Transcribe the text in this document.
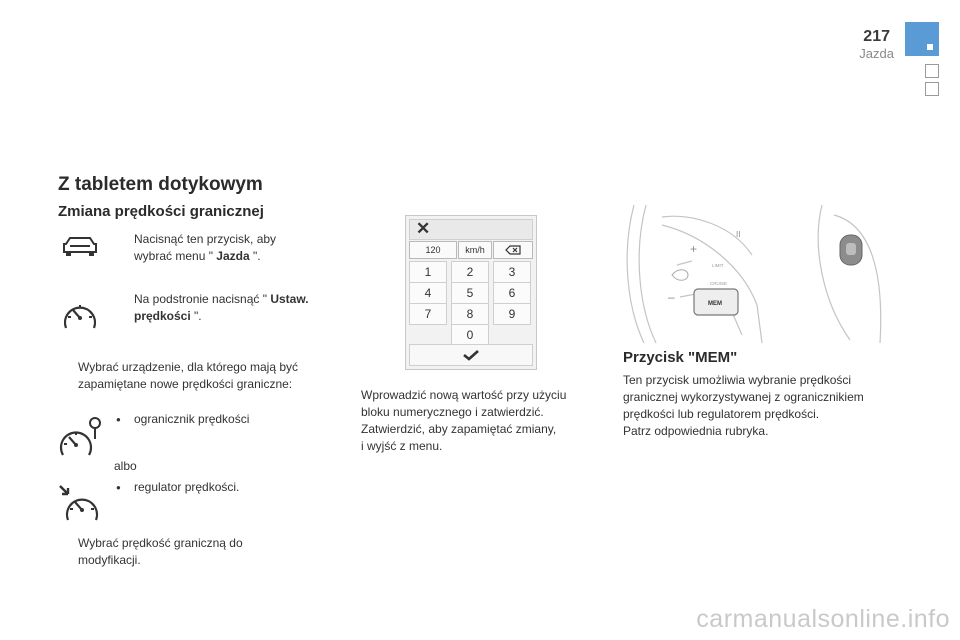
217
Jazda
Z tabletem dotykowym
Zmiana prędkości granicznej
Nacisnąć ten przycisk, aby
wybrać menu " Jazda ".
Na podstronie nacisnąć " Ustaw.
prędkości ".
Wybrać urządzenie, dla którego mają być
zapamiętane nowe prędkości graniczne:
●	ogranicznik prędkości
albo
●	regulator prędkości.
Wybrać prędkość graniczną do
modyfikacji.
✕
120	km/h
1	2	3
4	5	6
7	8	9
0
Wprowadzić nową wartość przy użyciu
bloku numerycznego i zatwierdzić.
Zatwierdzić, aby zapamiętać zmiany,
i wyjść z menu.
+
–
II
LIMIT
CRUISE
MEM
Przycisk "MEM"
Ten przycisk umożliwia wybranie prędkości
granicznej wykorzystywanej z ogranicznikiem
prędkości lub regulatorem prędkości.
Patrz odpowiednia rubryka.
carmanualsonline.info
